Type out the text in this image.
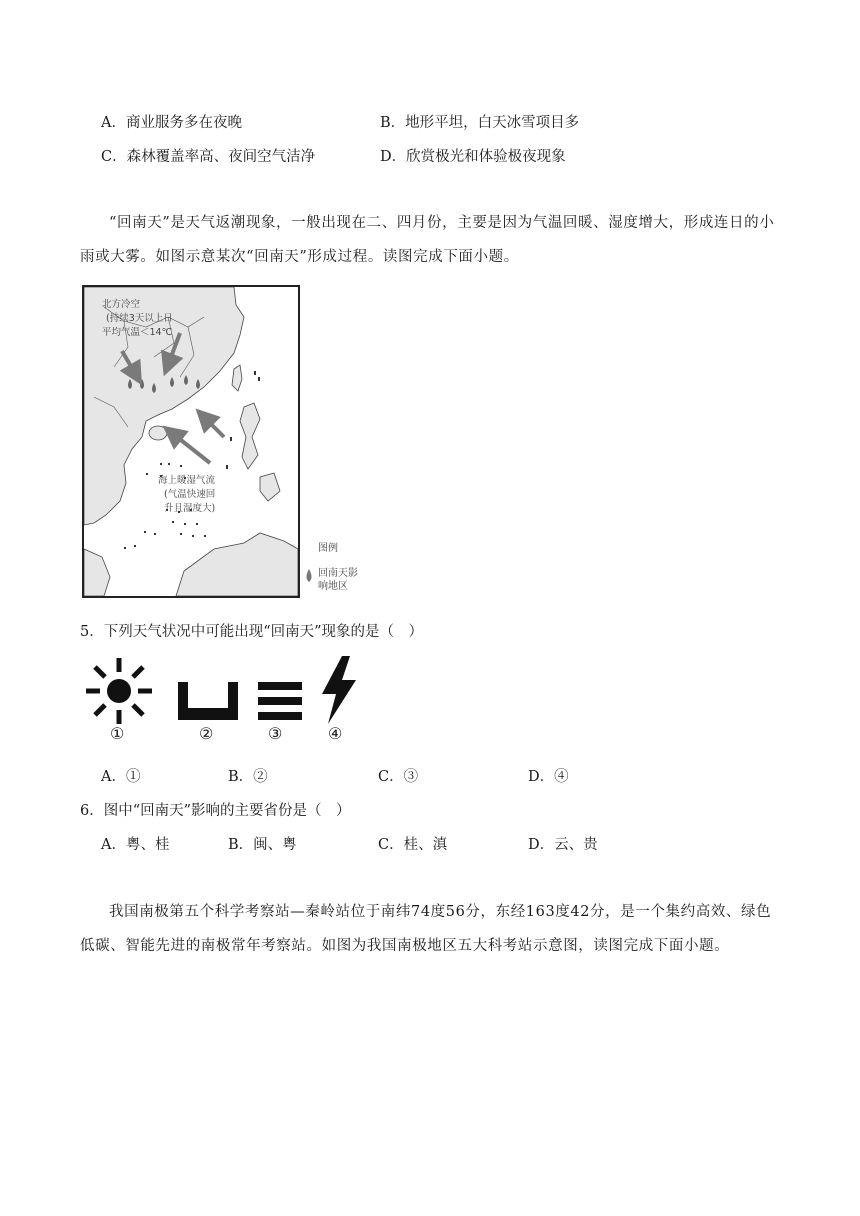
A．商业服务多在夜晚	B．地形平坦，白天冰雪项目多
C．森林覆盖率高、夜间空气洁净	D．欣赏极光和体验极夜现象
“回南天”是天气返潮现象，一般出现在二、四月份，主要是因为气温回暖、湿度增大，形成连日的小雨或大雾。如图示意某次“回南天”形成过程。读图完成下面小题。
北方冷空
(持续3天以上日
平均气温＜14℃
海上暖湿气流
(气温快速回
升且湿度大)
图例
回南天影
响地区
5．下列天气状况中可能出现“回南天”现象的是（　）
①	②	③	④
A．①	B．②	C．③	D．④
6．图中“回南天”影响的主要省份是（　）
A．粤、桂	B．闽、粤	C．桂、滇	D．云、贵
我国南极第五个科学考察站—秦岭站位于南纬74度56分，东经163度42分，是一个集约高效、绿色低碳、智能先进的南极常年考察站。如图为我国南极地区五大科考站示意图，读图完成下面小题。
